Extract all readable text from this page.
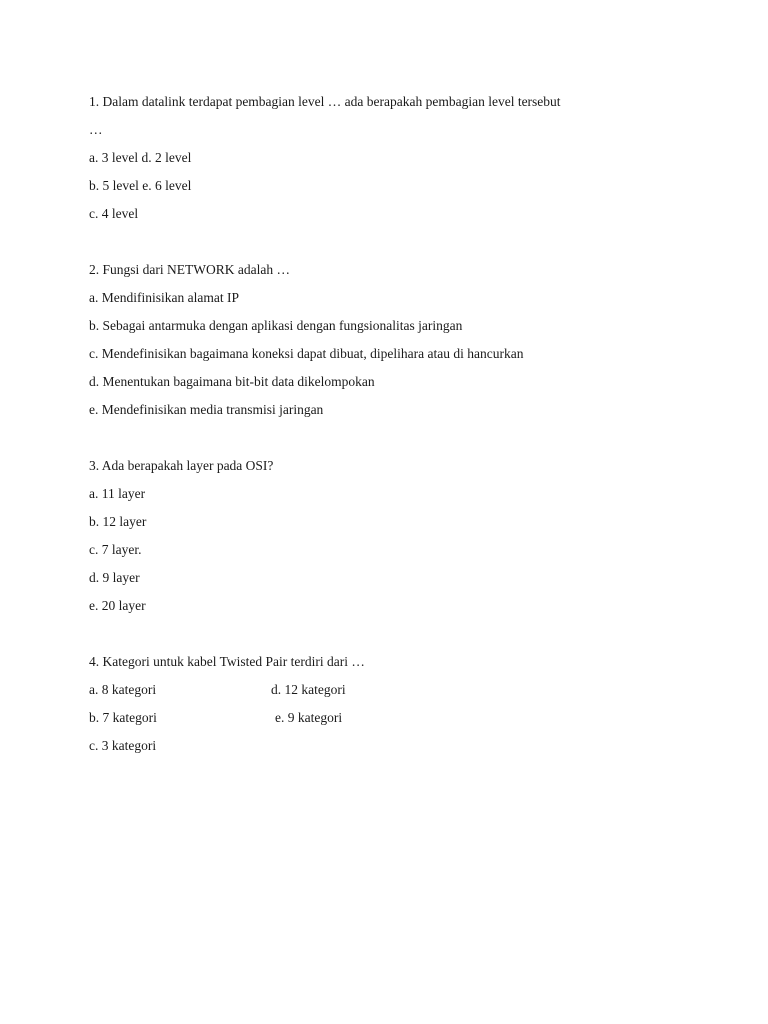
1. Dalam datalink terdapat pembagian level … ada berapakah pembagian level tersebut
…
a. 3 level d. 2 level
b. 5 level e. 6 level
c. 4 level
2. Fungsi dari NETWORK adalah …
a. Mendifinisikan alamat IP
b. Sebagai antarmuka dengan aplikasi dengan fungsionalitas jaringan
c. Mendefinisikan bagaimana koneksi dapat dibuat, dipelihara atau di hancurkan
d. Menentukan bagaimana bit-bit data dikelompokan
e. Mendefinisikan media transmisi jaringan
3. Ada berapakah layer pada OSI?
a. 11 layer
b. 12 layer
c. 7 layer.
d. 9 layer
e. 20 layer
4. Kategori untuk kabel Twisted Pair terdiri dari …
a. 8 kategori	d. 12 kategori
b. 7 kategori	e. 9 kategori
c. 3 kategori
